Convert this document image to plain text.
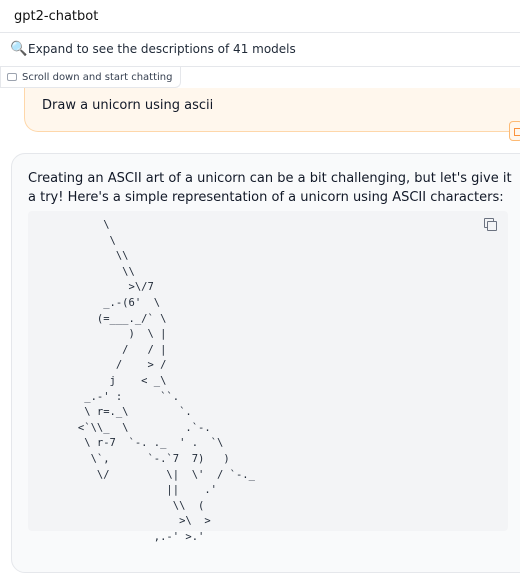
gpt2-chatbot
🔍 Expand to see the descriptions of 41 models
Scroll down and start chatting
Draw a unicorn using ascii
Creating an ASCII art of a unicorn can be a bit challenging, but let's give it a try! Here's a simple representation of a unicorn using ASCII characters:
\
\
\\
\\
>\/7
_.-(6'  \
(=___._/` \
)  \ |
/   / |
/    > /
j    < _\
_.-' :      ``.
\ r=._\        `.
<`\\_  \         .`-.
\ r-7  `-. ._  ' .  `\
\`,      `-.`7  7)   )
\/         \|  \'  / `-._
||    .'
\\  (
>\  >
,.-' >.'
